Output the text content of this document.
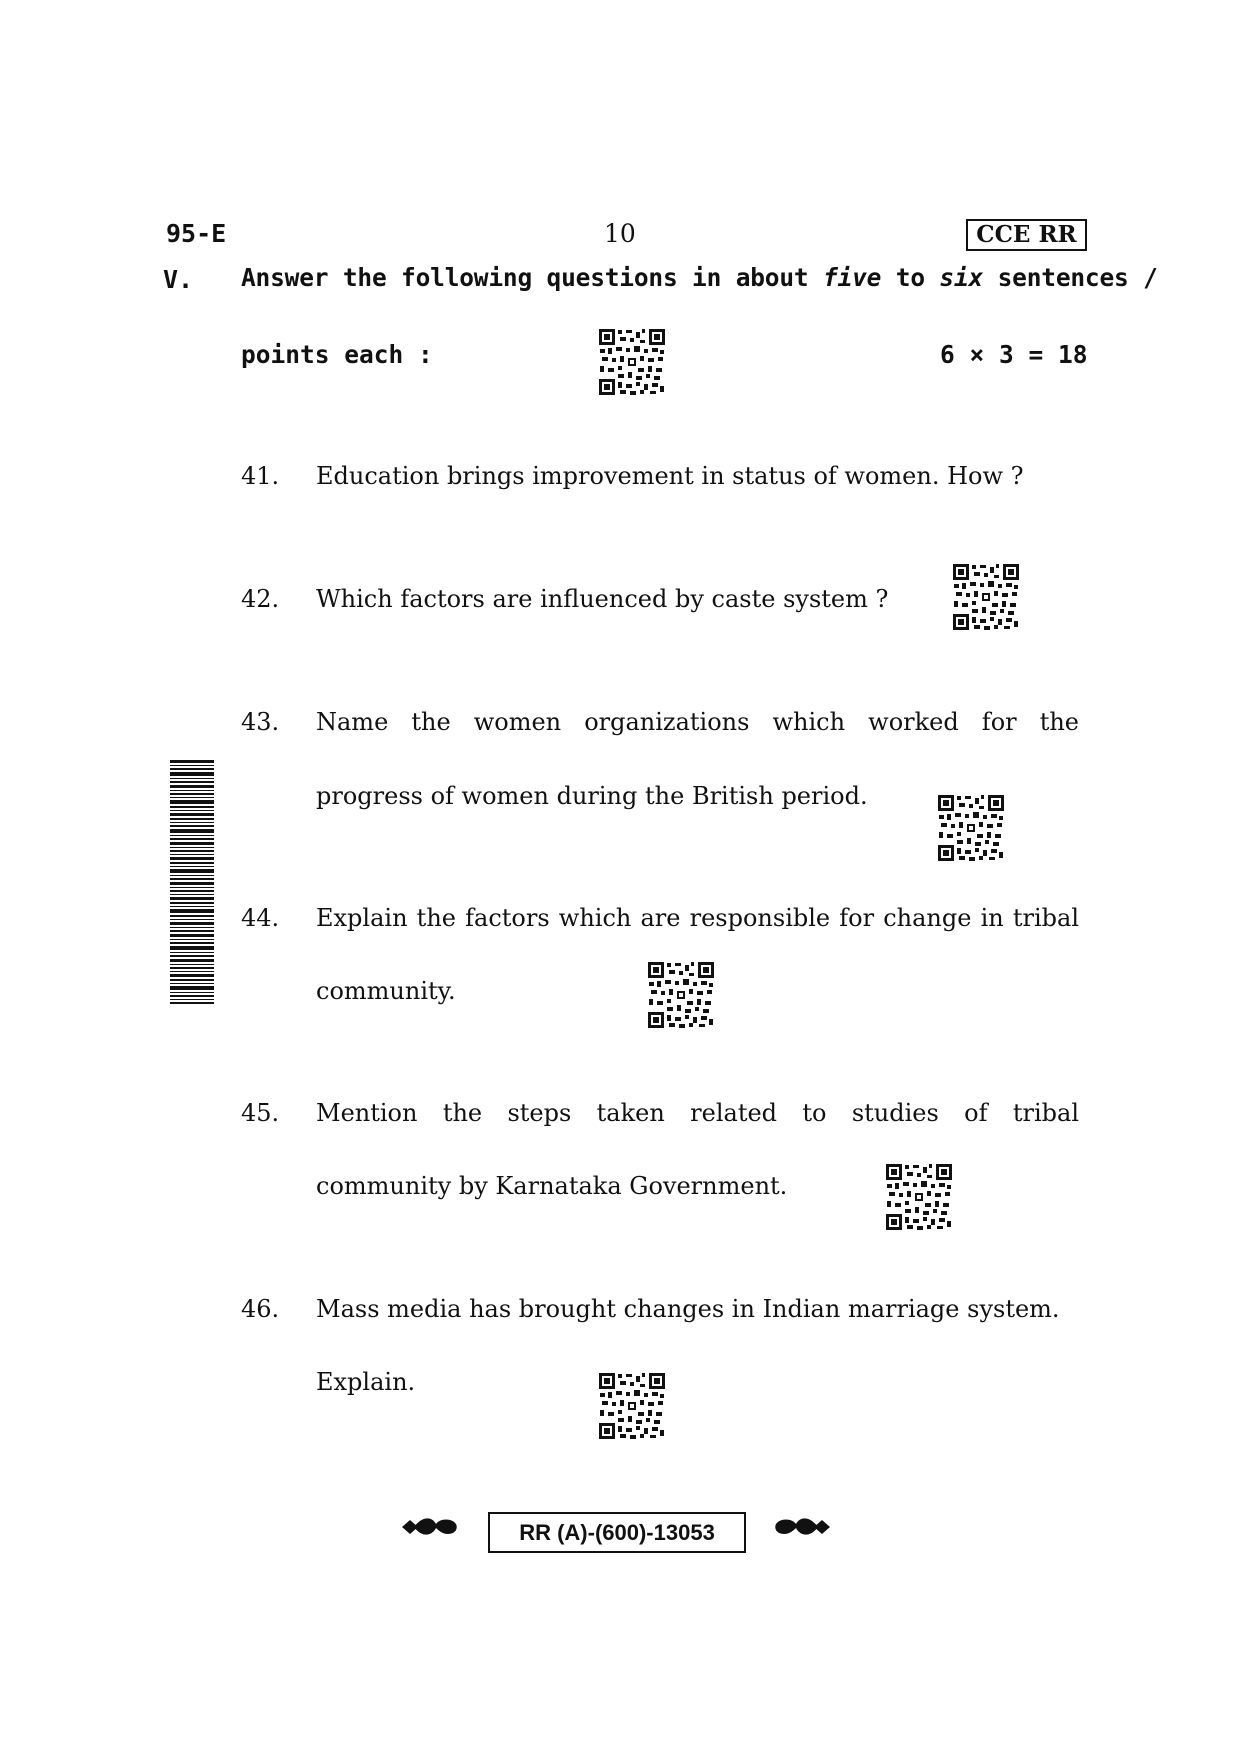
95-E	10	CCE RR
V. Answer the following questions in about five to six sentences /
points each :	6 × 3 = 18
41. Education brings improvement in status of women. How ?
42. Which factors are influenced by caste system ?
43. Name the women organizations which worked for the
progress of women during the British period.
44. Explain the factors which are responsible for change in tribal
community.
45. Mention the steps taken related to studies of tribal
community by Karnataka Government.
46. Mass media has brought changes in Indian marriage system.
Explain.
RR (A)-(600)-13053
